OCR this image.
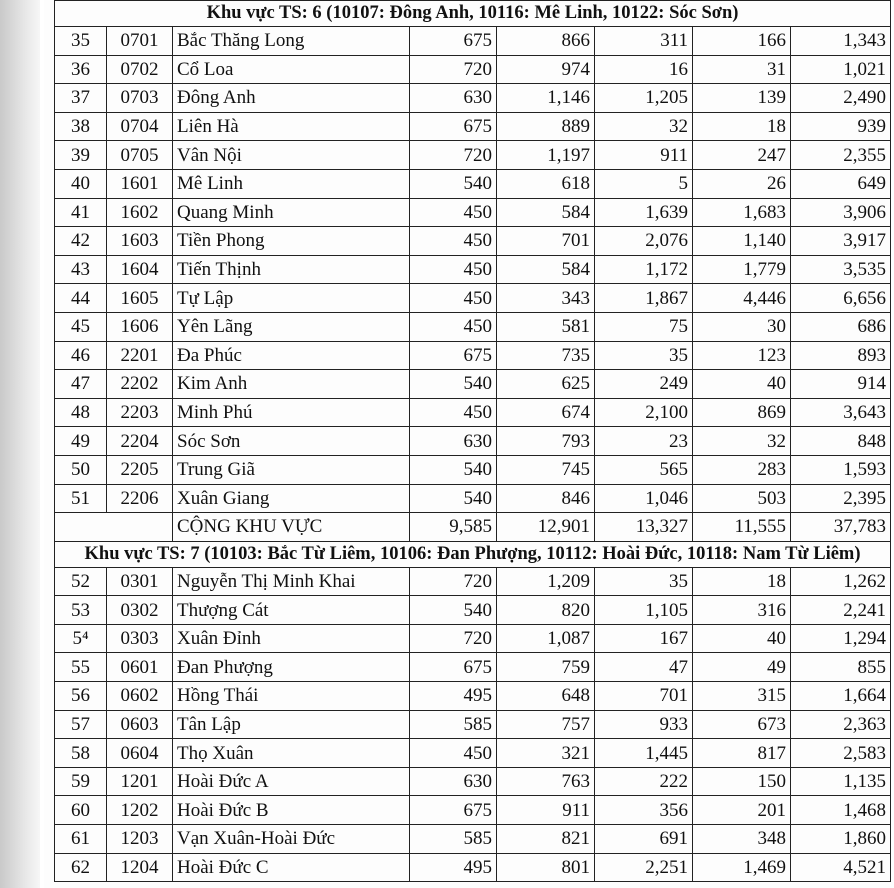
Khu vực TS: 6 (10107: Đông Anh, 10116: Mê Linh, 10122: Sóc Sơn)							
35	0701	Bắc Thăng Long	675	866	311	166	1,343
36	0702	Cổ Loa	720	974	16	31	1,021
37	0703	Đông Anh	630	1,146	1,205	139	2,490
38	0704	Liên Hà	675	889	32	18	939
39	0705	Vân Nội	720	1,197	911	247	2,355
40	1601	Mê Linh	540	618	5	26	649
41	1602	Quang Minh	450	584	1,639	1,683	3,906
42	1603	Tiền Phong	450	701	2,076	1,140	3,917
43	1604	Tiến Thịnh	450	584	1,172	1,779	3,535
44	1605	Tự Lập	450	343	1,867	4,446	6,656
45	1606	Yên Lãng	450	581	75	30	686
46	2201	Đa Phúc	675	735	35	123	893
47	2202	Kim Anh	540	625	249	40	914
48	2203	Minh Phú	450	674	2,100	869	3,643
49	2204	Sóc Sơn	630	793	23	32	848
50	2205	Trung Giã	540	745	565	283	1,593
51	2206	Xuân Giang	540	846	1,046	503	2,395
		CỘNG KHU VỰC	9,585	12,901	13,327	11,555	37,783
Khu vực TS: 7 (10103: Bắc Từ Liêm, 10106: Đan Phượng, 10112: Hoài Đức, 10118: Nam Từ Liêm)							
52	0301	Nguyễn Thị Minh Khai	720	1,209	35	18	1,262
53	0302	Thượng Cát	540	820	1,105	316	2,241
5⁴	0303	Xuân Đỉnh	720	1,087	167	40	1,294
55	0601	Đan Phượng	675	759	47	49	855
56	0602	Hồng Thái	495	648	701	315	1,664
57	0603	Tân Lập	585	757	933	673	2,363
58	0604	Thọ Xuân	450	321	1,445	817	2,583
59	1201	Hoài Đức A	630	763	222	150	1,135
60	1202	Hoài Đức B	675	911	356	201	1,468
61	1203	Vạn Xuân-Hoài Đức	585	821	691	348	1,860
62	1204	Hoài Đức C	495	801	2,251	1,469	4,521
